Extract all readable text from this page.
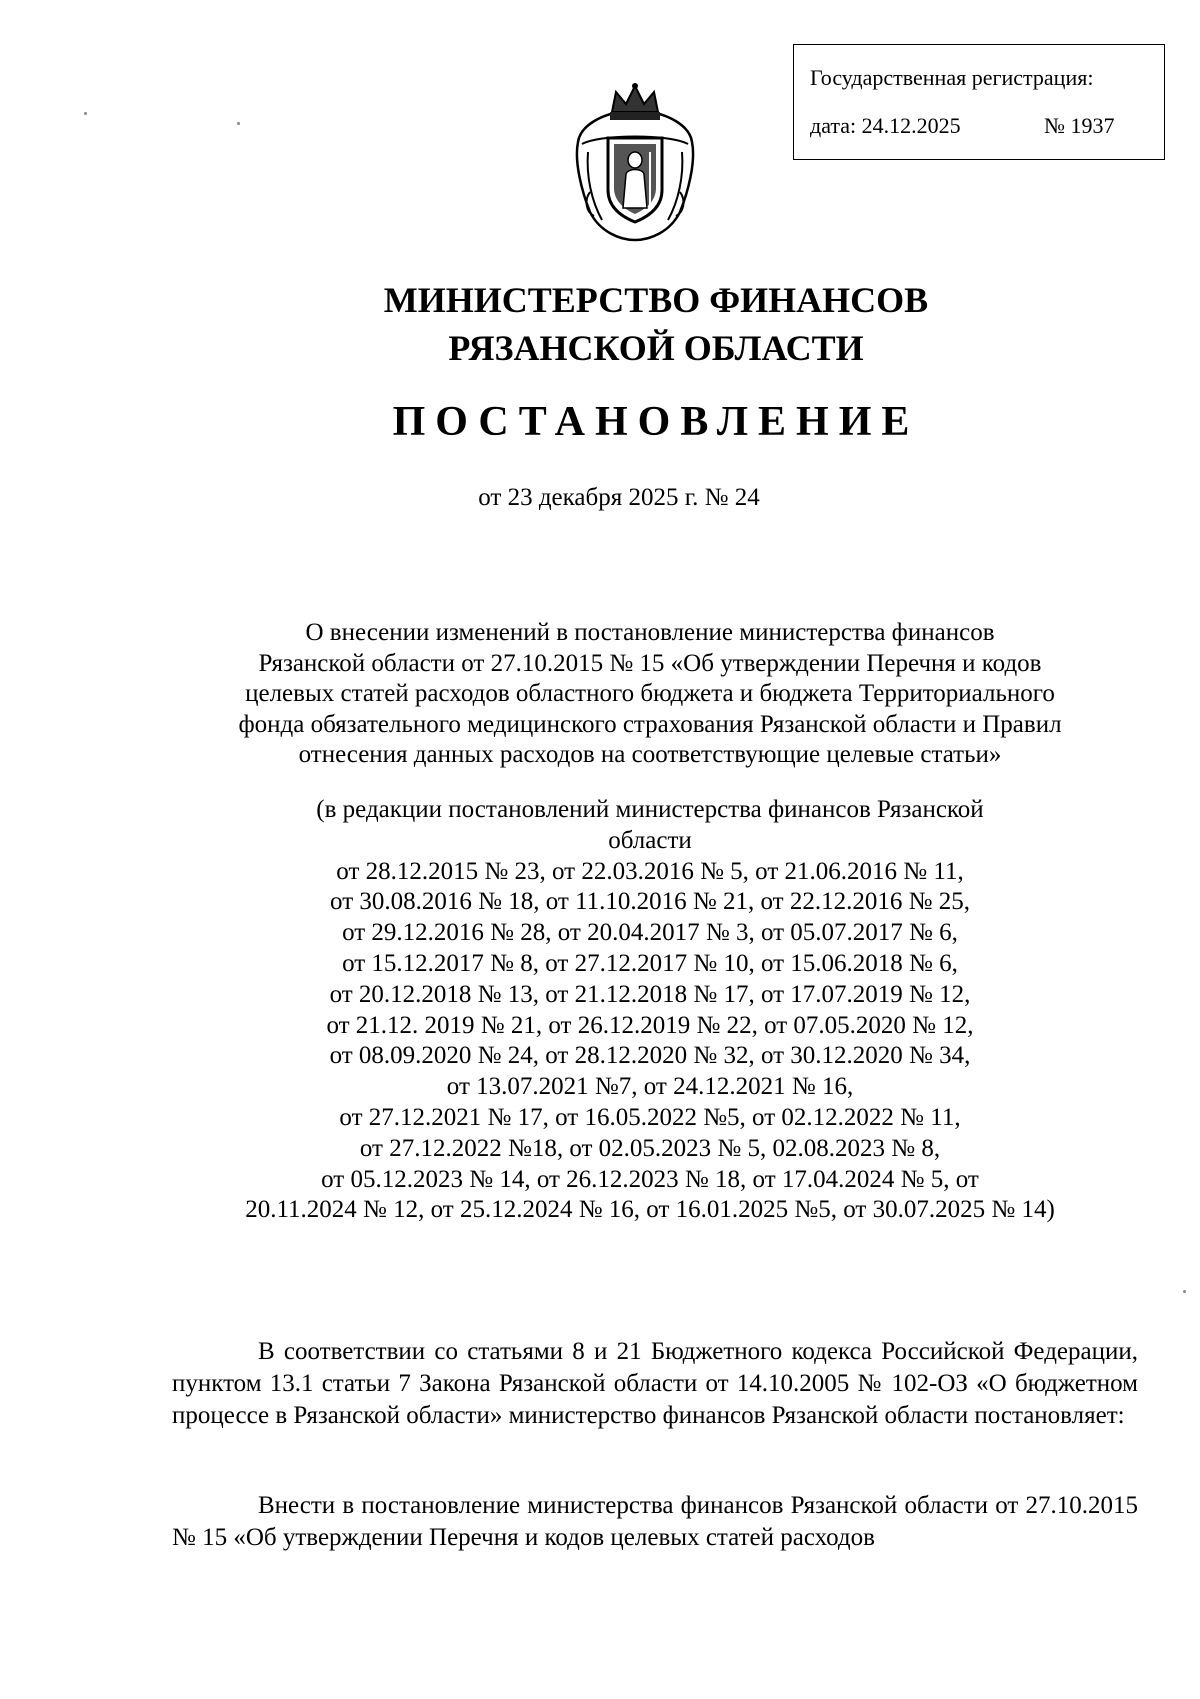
Государственная регистрация:
дата: 24.12.2025	№ 1937
МИНИСТЕРСТВО ФИНАНСОВ
РЯЗАНСКОЙ ОБЛАСТИ
ПОСТАНОВЛЕНИЕ
от 23 декабря 2025 г. № 24
О внесении изменений в постановление министерства финансов
Рязанской области от 27.10.2015 № 15 «Об утверждении Перечня и кодов
целевых статей расходов областного бюджета и бюджета Территориального
фонда обязательного медицинского страхования Рязанской области и Правил
отнесения данных расходов на соответствующие целевые статьи»
(в редакции постановлений министерства финансов Рязанской
области
от 28.12.2015 № 23, от 22.03.2016 № 5, от 21.06.2016 № 11,
от 30.08.2016 № 18, от 11.10.2016 № 21, от 22.12.2016 № 25,
от 29.12.2016 № 28, от 20.04.2017 № 3, от 05.07.2017 № 6,
от 15.12.2017 № 8, от 27.12.2017 № 10, от 15.06.2018 № 6,
от 20.12.2018 № 13, от 21.12.2018 № 17, от 17.07.2019 № 12,
от 21.12. 2019 № 21, от 26.12.2019 № 22, от 07.05.2020 № 12,
от 08.09.2020 № 24, от 28.12.2020 № 32, от 30.12.2020 № 34,
от 13.07.2021 №7, от 24.12.2021 № 16,
от 27.12.2021 № 17, от 16.05.2022 №5, от 02.12.2022 № 11,
от 27.12.2022 №18, от 02.05.2023 № 5, 02.08.2023 № 8,
от 05.12.2023 № 14, от 26.12.2023 № 18, от 17.04.2024 № 5, от
20.11.2024 № 12, от 25.12.2024 № 16, от 16.01.2025 №5, от 30.07.2025 № 14)
В соответствии со статьями 8 и 21 Бюджетного кодекса Российской Федерации, пунктом 13.1 статьи 7 Закона Рязанской области от 14.10.2005 № 102-ОЗ «О бюджетном процессе в Рязанской области» министерство финансов Рязанской области постановляет:
Внести в постановление министерства финансов Рязанской области от 27.10.2015 № 15 «Об утверждении Перечня и кодов целевых статей расходов
